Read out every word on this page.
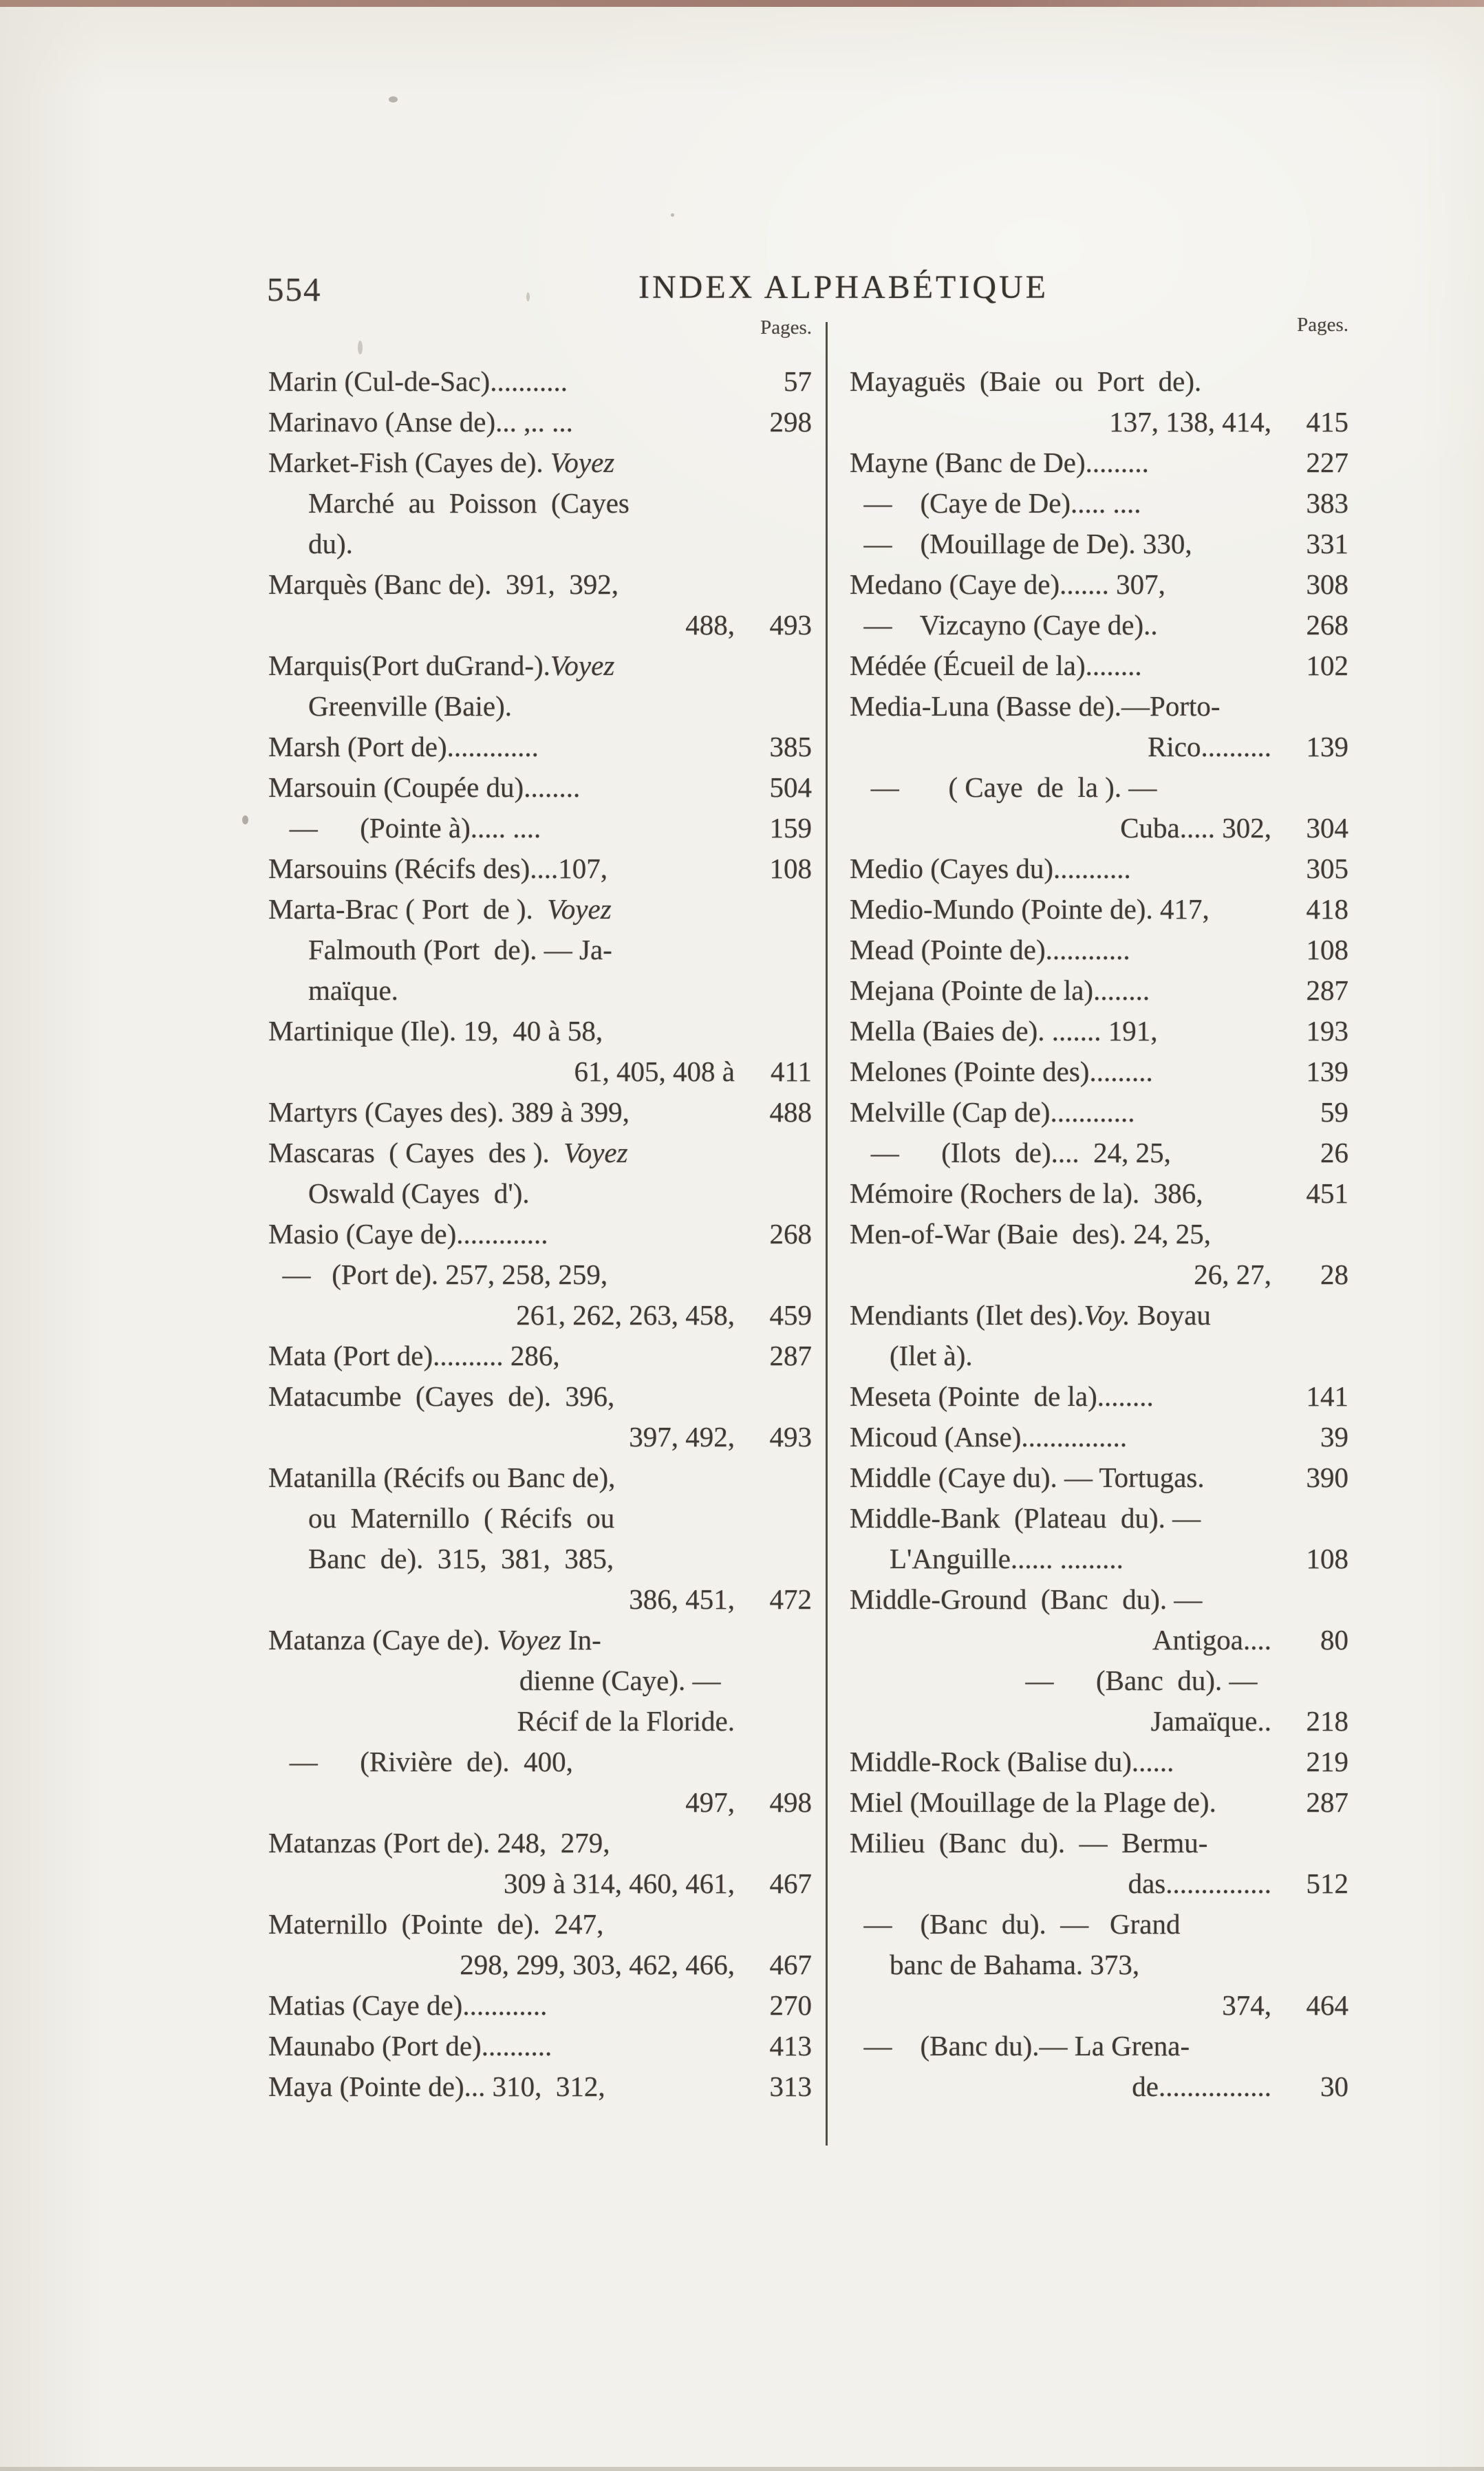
554	INDEX ALPHABÉTIQUE
Pages.	Pages.
Marin (Cul-de-Sac)...........	57
Marinavo (Anse de)... ,.. ...	298
Market-Fish (Cayes de). Voyez
Marché  au  Poisson  (Cayes
du).
Marquès (Banc de).  391,  392,
488,	493
Marquis(Port duGrand-).Voyez
Greenville (Baie).
Marsh (Port de).............	385
Marsouin (Coupée du)........	504
—      (Pointe à)..... ....	159
Marsouins (Récifs des)....107,	108
Marta-Brac ( Port  de ).  Voyez
Falmouth (Port  de). — Ja-
maïque.
Martinique (Ile). 19,  40 à 58,
61, 405, 408 à	411
Martyrs (Cayes des). 389 à 399,	488
Mascaras  ( Cayes  des ).  Voyez
Oswald (Cayes  d').
Masio (Caye de).............	268
—   (Port de). 257, 258, 259,
261, 262, 263, 458,	459
Mata (Port de).......... 286,	287
Matacumbe  (Cayes  de).  396,
397, 492,	493
Matanilla (Récifs ou Banc de),
ou  Maternillo  ( Récifs  ou
Banc  de).  315,  381,  385,
386, 451,	472
Matanza (Caye de). Voyez In-
dienne (Caye). —
Récif de la Floride.
—      (Rivière  de).  400,
497,	498
Matanzas (Port de). 248,  279,
309 à 314, 460, 461,	467
Maternillo  (Pointe  de).  247,
298, 299, 303, 462, 466,	467
Matias (Caye de)............	270
Maunabo (Port de)..........	413
Maya (Pointe de)... 310,  312,	313
Mayaguës  (Baie  ou  Port  de).
137, 138, 414,	415
Mayne (Banc de De).........	227
—    (Caye de De)..... ....	383
—    (Mouillage de De). 330,	331
Medano (Caye de)....... 307,	308
—    Vizcayno (Caye de)..	268
Médée (Écueil de la)........	102
Media-Luna (Basse de).—Porto-
Rico..........	139
—       ( Caye  de  la ). —
Cuba..... 302,	304
Medio (Cayes du)...........	305
Medio-Mundo (Pointe de). 417,	418
Mead (Pointe de)............	108
Mejana (Pointe de la)........	287
Mella (Baies de). ....... 191,	193
Melones (Pointe des).........	139
Melville (Cap de)............	59
—      (Ilots  de)....  24, 25,	26
Mémoire (Rochers de la).  386,	451
Men-of-War (Baie  des). 24, 25,
26, 27,	28
Mendiants (Ilet des).Voy. Boyau
(Ilet à).
Meseta (Pointe  de la)........	141
Micoud (Anse)...............	39
Middle (Caye du). — Tortugas.	390
Middle-Bank  (Plateau  du). —
L'Anguille...... .........	108
Middle-Ground  (Banc  du). —
Antigoa....	80
—      (Banc  du). —
Jamaïque..	218
Middle-Rock (Balise du)......	219
Miel (Mouillage de la Plage de).	287
Milieu  (Banc  du).  —  Bermu-
das...............	512
—    (Banc  du).  —   Grand
banc de Bahama. 373,
374,	464
—    (Banc du).— La Grena-
de................	30
